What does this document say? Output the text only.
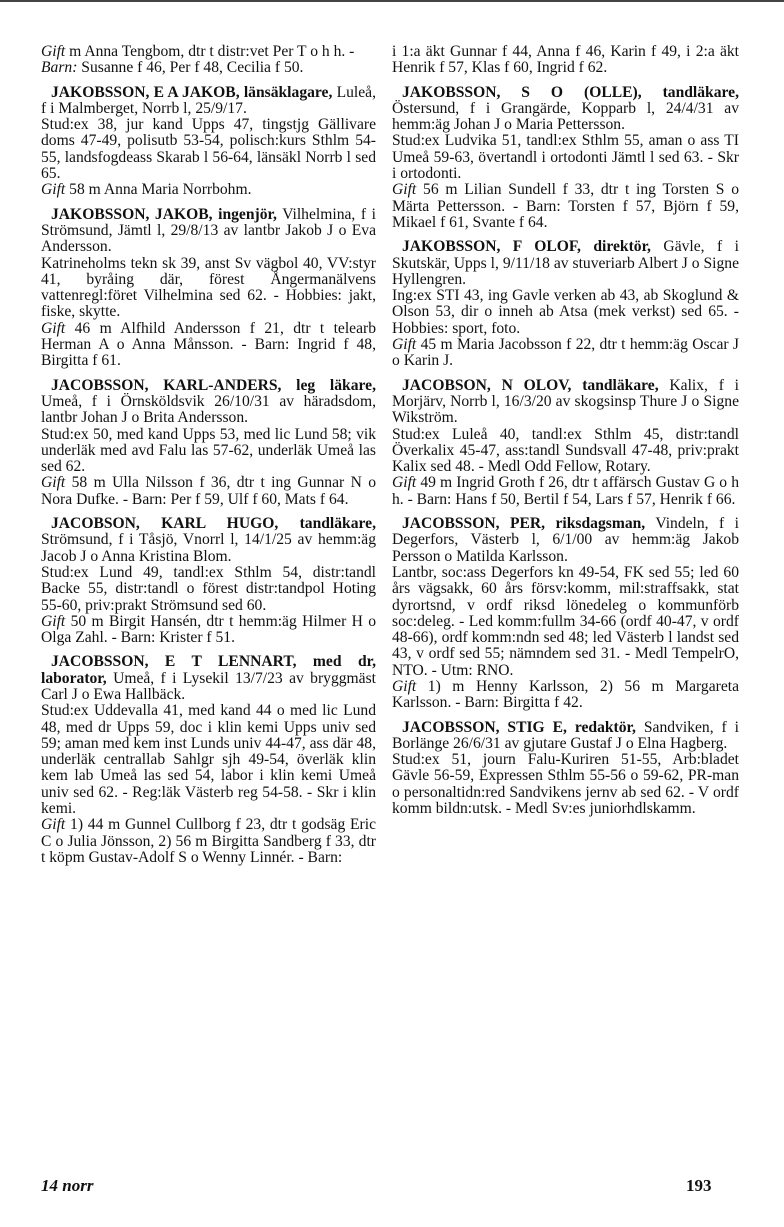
Gift m Anna Tengbom, dtr t distr:vet Per T o h h. -

Barn: Susanne f 46, Per f 48, Cecilia f 50.

JAKOBSSON, E A JAKOB, länsäklagare, Luleå, f i Malmberget, Norrb l, 25/9/17.

Stud:ex 38, jur kand Upps 47, tingstjg Gällivare doms 47-49, polisutb 53-54, polisch:kurs Sthlm 54-55, landsfogdeass Skarab l 56-64, länsäkl Norrb l sed 65.

Gift 58 m Anna Maria Norrbohm.

JAKOBSSON, JAKOB, ingenjör, Vilhelmina, f i Strömsund, Jämtl l, 29/8/13 av lantbr Jakob J o Eva Andersson.

Katrineholms tekn sk 39, anst Sv vägbol 40, VV:styr 41, byråing där, förest Ångermanälvens vattenregl:föret Vilhelmina sed 62. - Hobbies: jakt, fiske, skytte.

Gift 46 m Alfhild Andersson f 21, dtr t telearb Herman A o Anna Månsson. - Barn: Ingrid f 48, Birgitta f 61.

JACOBSSON, KARL-ANDERS, leg läkare, Umeå, f i Örnsköldsvik 26/10/31 av häradsdom, lantbr Johan J o Brita Andersson.

Stud:ex 50, med kand Upps 53, med lic Lund 58; vik underläk med avd Falu las 57-62, underläk Umeå las sed 62.

Gift 58 m Ulla Nilsson f 36, dtr t ing Gunnar N o Nora Dufke. - Barn: Per f 59, Ulf f 60, Mats f 64.

JACOBSON, KARL HUGO, tandläkare, Strömsund, f i Tåsjö, Vnorrl l, 14/1/25 av hemm:äg Jacob J o Anna Kristina Blom.

Stud:ex Lund 49, tandl:ex Sthlm 54, distr:tandl Backe 55, distr:tandl o förest distr:tandpol Hoting 55-60, priv:prakt Strömsund sed 60.

Gift 50 m Birgit Hansén, dtr t hemm:äg Hilmer H o Olga Zahl. - Barn: Krister f 51.

JACOBSSON, E T LENNART, med dr, laborator, Umeå, f i Lysekil 13/7/23 av bryggmäst Carl J o Ewa Hallbäck.

Stud:ex Uddevalla 41, med kand 44 o med lic Lund 48, med dr Upps 59, doc i klin kemi Upps univ sed 59; aman med kem inst Lunds univ 44-47, ass där 48, underläk centrallab Sahlgr sjh 49-54, överläk klin kem lab Umeå las sed 54, labor i klin kemi Umeå univ sed 62. - Reg:läk Västerb reg 54-58. - Skr i klin kemi.

Gift 1) 44 m Gunnel Cullborg f 23, dtr t godsäg Eric C o Julia Jönsson, 2) 56 m Birgitta Sandberg f 33, dtr t köpm Gustav-Adolf S o Wenny Linnér. - Barn:

i 1:a äkt Gunnar f 44, Anna f 46, Karin f 49, i 2:a äkt Henrik f 57, Klas f 60, Ingrid f 62.

JAKOBSSON, S O (OLLE), tandläkare, Östersund, f i Grangärde, Kopparb l, 24/4/31 av hemm:äg Johan J o Maria Pettersson.

Stud:ex Ludvika 51, tandl:ex Sthlm 55, aman o ass TI Umeå 59-63, övertandl i ortodonti Jämtl l sed 63. - Skr i ortodonti.

Gift 56 m Lilian Sundell f 33, dtr t ing Torsten S o Märta Pettersson. - Barn: Torsten f 57, Björn f 59, Mikael f 61, Svante f 64.

JAKOBSSON, F OLOF, direktör, Gävle, f i Skutskär, Upps l, 9/11/18 av stuveriarb Albert J o Signe Hyllengren.

Ing:ex STI 43, ing Gavle verken ab 43, ab Skoglund & Olson 53, dir o inneh ab Atsa (mek verkst) sed 65. - Hobbies: sport, foto.

Gift 45 m Maria Jacobsson f 22, dtr t hemm:äg Oscar J o Karin J.

JACOBSON, N OLOV, tandläkare, Kalix, f i Morjärv, Norrb l, 16/3/20 av skogsinsp Thure J o Signe Wikström.

Stud:ex Luleå 40, tandl:ex Sthlm 45, distr:tandl Överkalix 45-47, ass:tandl Sundsvall 47-48, priv:prakt Kalix sed 48. - Medl Odd Fellow, Rotary.

Gift 49 m Ingrid Groth f 26, dtr t affärsch Gustav G o h h. - Barn: Hans f 50, Bertil f 54, Lars f 57, Henrik f 66.

JACOBSSON, PER, riksdagsman, Vindeln, f i Degerfors, Västerb l, 6/1/00 av hemm:äg Jakob Persson o Matilda Karlsson.

Lantbr, soc:ass Degerfors kn 49-54, FK sed 55; led 60 års vägsakk, 60 års försv:komm, mil:straffsakk, stat dyrortsnd, v ordf riksd lönedeleg o kommunförb soc:deleg. - Led komm:fullm 34-66 (ordf 40-47, v ordf 48-66), ordf komm:ndn sed 48; led Västerb l landst sed 43, v ordf sed 55; nämndem sed 31. - Medl TempelrO, NTO. - Utm: RNO.

Gift 1) m Henny Karlsson, 2) 56 m Margareta Karlsson. - Barn: Birgitta f 42.

JACOBSSON, STIG E, redaktör, Sandviken, f i Borlänge 26/6/31 av gjutare Gustaf J o Elna Hagberg.

Stud:ex 51, journ Falu-Kuriren 51-55, Arb:bladet Gävle 56-59, Expressen Sthlm 55-56 o 59-62, PR-man o personaltidn:red Sandvikens jernv ab sed 62. - V ordf komm bildn:utsk. - Medl Sv:es juniorhdlskamm.

14 norr	193
